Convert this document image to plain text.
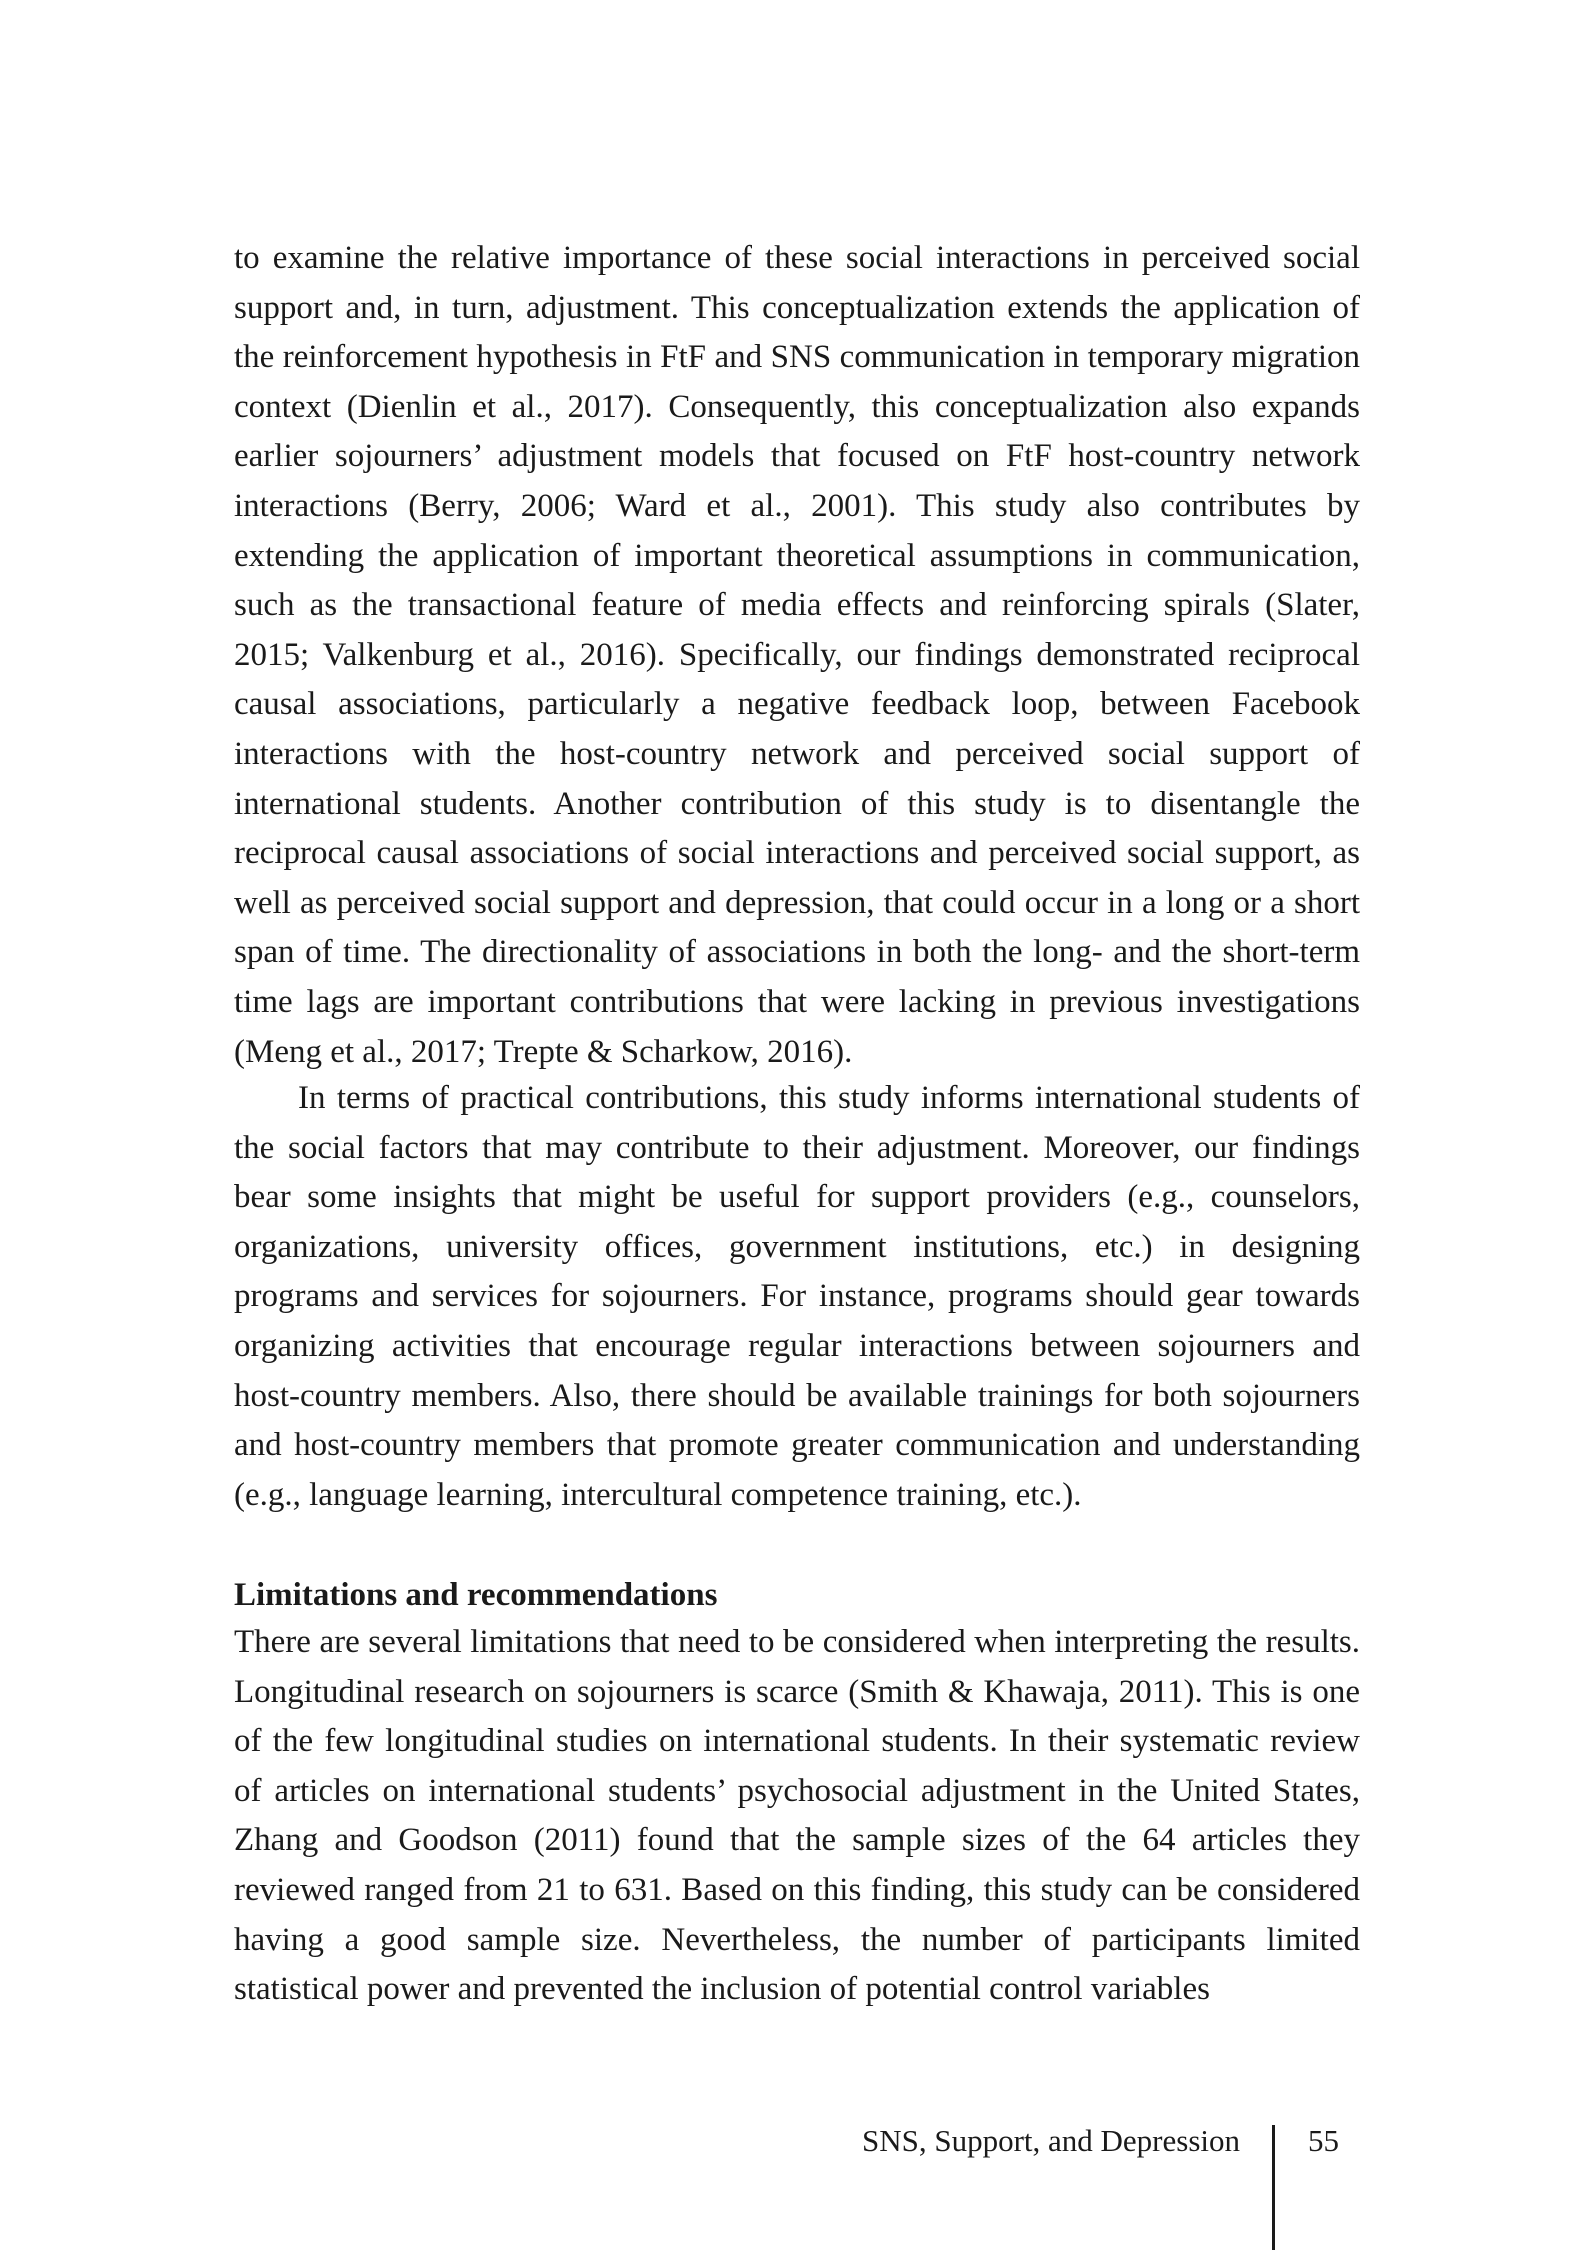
to examine the relative importance of these social interactions in perceived social support and, in turn, adjustment. This conceptualization extends the application of the reinforcement hypothesis in FtF and SNS communication in temporary migration context (Dienlin et al., 2017). Consequently, this conceptualization also expands earlier sojourners’ adjustment models that focused on FtF host-country network interactions (Berry, 2006; Ward et al., 2001). This study also contributes by extending the application of important theoretical assumptions in communication, such as the transactional feature of media effects and reinforcing spirals (Slater, 2015; Valkenburg et al., 2016). Specifically, our findings demonstrated reciprocal causal associations, particularly a negative feedback loop, between Facebook interactions with the host-country network and perceived social support of international students. Another contribution of this study is to disentangle the reciprocal causal associations of social interactions and perceived social support, as well as perceived social support and depression, that could occur in a long or a short span of time. The directionality of associations in both the long- and the short-term time lags are important contributions that were lacking in previous investigations (Meng et al., 2017; Trepte & Scharkow, 2016).

In terms of practical contributions, this study informs international students of the social factors that may contribute to their adjustment. Moreover, our findings bear some insights that might be useful for support providers (e.g., counselors, organizations, university offices, government institutions, etc.) in designing programs and services for sojourners. For instance, programs should gear towards organizing activities that encourage regular interactions between sojourners and host-country members. Also, there should be available trainings for both sojourners and host-country members that promote greater communication and understanding (e.g., language learning, intercultural competence training, etc.).

Limitations and recommendations

There are several limitations that need to be considered when interpreting the results. Longitudinal research on sojourners is scarce (Smith & Khawaja, 2011). This is one of the few longitudinal studies on international students. In their systematic review of articles on international students’ psychosocial adjustment in the United States, Zhang and Goodson (2011) found that the sample sizes of the 64 articles they reviewed ranged from 21 to 631. Based on this finding, this study can be considered having a good sample size. Nevertheless, the number of participants limited statistical power and prevented the inclusion of potential control variables

SNS, Support, and Depression 55
